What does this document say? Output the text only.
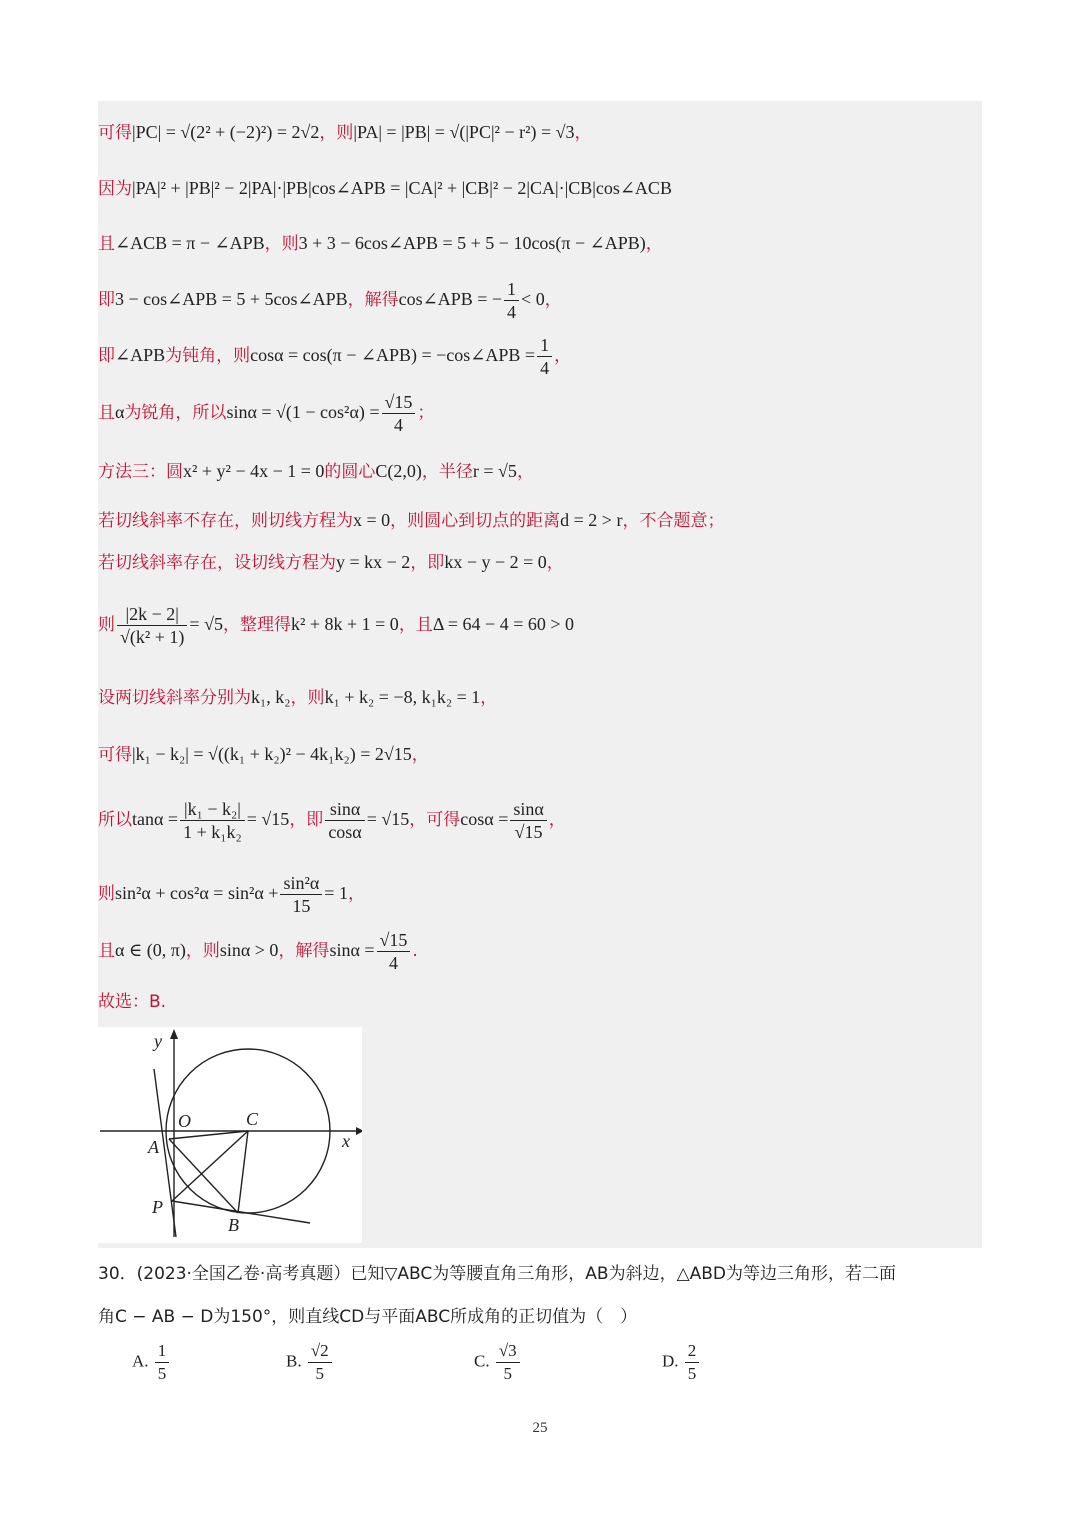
可得|PC| = √(2² + (−2)²) = 2√2，则|PA| = |PB| = √(|PC|² − r²) = √3，
因为|PA|² + |PB|² − 2|PA|·|PB|cos∠APB = |CA|² + |CB|² − 2|CA|·|CB|cos∠ACB
且∠ACB = π − ∠APB，则3 + 3 − 6cos∠APB = 5 + 5 − 10cos(π − ∠APB)，
即3 − cos∠APB = 5 + 5cos∠APB，解得cos∠APB = − $\frac{1}{4} < 0$，
即∠APB为钝角，则cosα = cos(π − ∠APB) = −cos∠APB = $\frac{1}{4}$ ，
且α为锐角，所以$\sin\alpha = √(1 - \cos^2\alpha) = \frac{√15}{4}$ ；
方法三：圆x² + y² − 4x − 1 = 0的圆心C(2,0)，半径r = √5，
若切线斜率不存在，则切线方程为x = 0，则圆心到切点的距离d = 2 > r，不合题意；
若切线斜率存在，设切线方程为y = kx − 2，即kx − y − 2 = 0，
则 $\frac{|2k - 2|}{\text{√(k² + 1)}} = √5$，整理得k² + 8k + 1 = 0，且Δ = 64 − 4 = 60 > 0
设两切线斜率分别为k₁, k₂，则k₁ + k₂ = −8, k₁k₂ = 1，
可得|k₁ − k₂| = √((k₁ + k₂)² − 4k₁k₂) = 2√15，
所以$\tan\alpha = \frac{\text{|k₁ − k₂|}}{\text{1 + k₁k₂}} = √15$，即 $\frac{\sin\alpha}{\cos\alpha} = √15$，可得$\cos\alpha = \frac{\sin\alpha}{√15}$ ，
则$\sin^2\alpha + \cos^2\alpha = \sin^2\alpha + \frac{\text{sin²α}}{15} = 1$，
且α ∈ (0, π)，则sinα > 0，解得$\sin\alpha = \frac{√15}{4}$ .
故选：B.
y
x
O	C
A
P
B
30．(2023·全国乙卷·高考真题）已知▽ABC为等腰直角三角形，AB为斜边，△ABD为等边三角形，若二面
角C − AB − D为150°，则直线CD与平面ABC所成角的正切值为（　）
A. $\frac{1}{5}$	B. $\frac{√2}{5}$	C. $\frac{√3}{5}$	D. $\frac{2}{5}$
25
